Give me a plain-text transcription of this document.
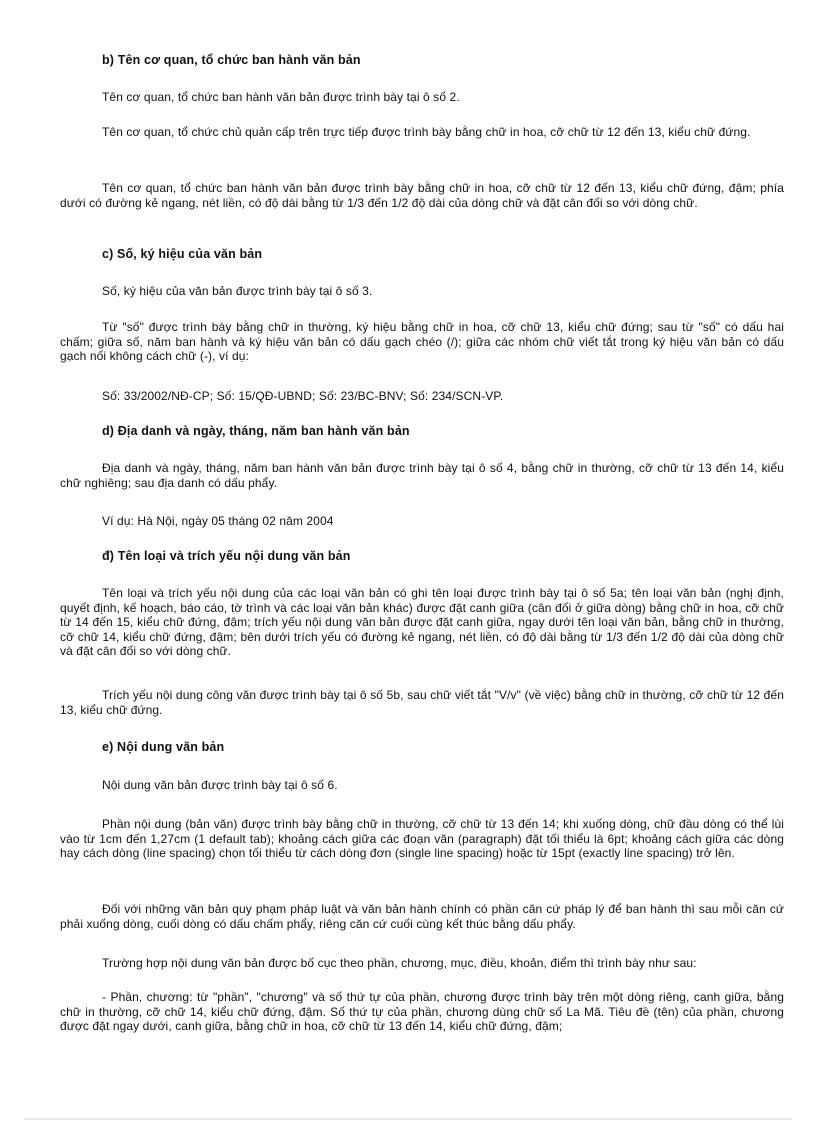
b) Tên cơ quan, tổ chức ban hành văn bản

Tên cơ quan, tổ chức ban hành văn bản được trình bày tại ô số 2.

Tên cơ quan, tổ chức chủ quản cấp trên trực tiếp được trình bày bằng chữ in hoa, cỡ chữ từ 12 đến 13, kiểu chữ đứng.

Tên cơ quan, tổ chức ban hành văn bản được trình bày bằng chữ in hoa, cỡ chữ từ 12 đến 13, kiểu chữ đứng, đậm; phía dưới có đường kẻ ngang, nét liền, có độ dài bằng từ 1/3 đến 1/2 độ dài của dòng chữ và đặt cân đối so với dòng chữ.

c) Số, ký hiệu của văn bản

Số, ký hiệu của văn bản được trình bày tại ô số 3.

Từ "số" được trình bày bằng chữ in thường, ký hiệu bằng chữ in hoa, cỡ chữ 13, kiểu chữ đứng; sau từ "số" có dấu hai chấm; giữa số, năm ban hành và ký hiệu văn bản có dấu gạch chéo (/); giữa các nhóm chữ viết tắt trong ký hiệu văn bản có dấu gạch nối không cách chữ (-), ví dụ:

Số: 33/2002/NĐ-CP; Số: 15/QĐ-UBND; Số: 23/BC-BNV; Số: 234/SCN-VP.

d) Địa danh và ngày, tháng, năm ban hành văn bản

Địa danh và ngày, tháng, năm ban hành văn bản được trình bày tại ô số 4, bằng chữ in thường, cỡ chữ từ 13 đến 14, kiểu chữ nghiêng; sau địa danh có dấu phẩy.

Ví dụ: Hà Nội, ngày 05 tháng 02 năm 2004

đ) Tên loại và trích yếu nội dung văn bản

Tên loại và trích yếu nội dung của các loại văn bản có ghi tên loại được trình bày tại ô số 5a; tên loại văn bản (nghị định, quyết định, kế hoạch, báo cáo, tờ trình và các loại văn bản khác) được đặt canh giữa (cân đối ở giữa dòng) bằng chữ in hoa, cỡ chữ từ 14 đến 15, kiểu chữ đứng, đậm; trích yếu nội dung văn bản được đặt canh giữa, ngay dưới tên loại văn bản, bằng chữ in thường, cỡ chữ 14, kiểu chữ đứng, đậm; bên dưới trích yếu có đường kẻ ngang, nét liền, có độ dài bằng từ 1/3 đến 1/2 độ dài của dòng chữ và đặt cân đối so với dòng chữ.

Trích yếu nội dung công văn được trình bày tại ô số 5b, sau chữ viết tắt "V/v" (về việc) bằng chữ in thường, cỡ chữ từ 12 đến 13, kiểu chữ đứng.

e) Nội dung văn bản

Nội dung văn bản được trình bày tại ô số 6.

Phần nội dung (bản văn) được trình bày bằng chữ in thường, cỡ chữ từ 13 đến 14; khi xuống dòng, chữ đầu dòng có thể lùi vào từ 1cm đến 1,27cm (1 default tab); khoảng cách giữa các đoạn văn (paragraph) đặt tối thiểu là 6pt; khoảng cách giữa các dòng hay cách dòng (line spacing) chọn tối thiểu từ cách dòng đơn (single line spacing) hoặc từ 15pt (exactly line spacing) trở lên.

Đối với những văn bản quy phạm pháp luật và văn bản hành chính có phần căn cứ pháp lý để ban hành thì sau mỗi căn cứ phải xuống dòng, cuối dòng có dấu chấm phẩy, riêng căn cứ cuối cùng kết thúc bằng dấu phẩy.

Trường hợp nội dung văn bản được bố cục theo phần, chương, mục, điều, khoản, điểm thì trình bày như sau:

- Phần, chương: từ "phần", "chương" và số thứ tự của phần, chương được trình bày trên một dòng riêng, canh giữa, bằng chữ in thường, cỡ chữ 14, kiểu chữ đứng, đậm. Số thứ tự của phần, chương dùng chữ số La Mã. Tiêu đề (tên) của phần, chương được đặt ngay dưới, canh giữa, bằng chữ in hoa, cỡ chữ từ 13 đến 14, kiểu chữ đứng, đậm;
